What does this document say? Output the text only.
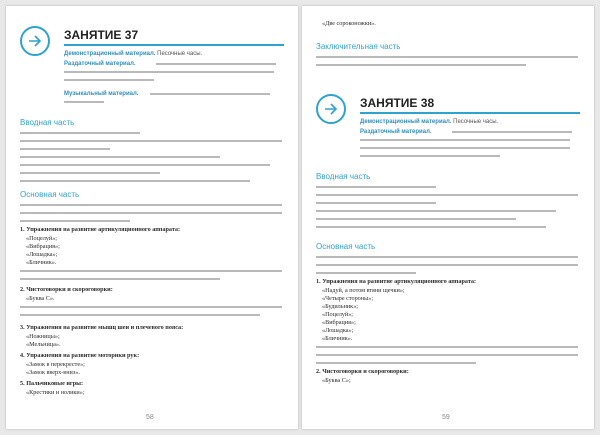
ЗАНЯТИЕ 37
Демонстрационный материал. Песочные часы.
Раздаточный материал.
Музыкальный материал.
Вводная часть
Основная часть
1. Упражнения на развитие артикуляционного аппарата:
«Поцелуй»;
«Вибрация»;
«Лошадка»;
«Бличник».
2. Чистоговорки и скороговорки:
«Буква С».
3. Упражнения на развитие мышц шеи и плечевого пояса:
«Ножницы»;
«Мельница».
4. Упражнения на развитие моторики рук:
«Замок в перекресте»;
«Замок вверх-вниз».
5. Пальчиковые игры:
«Крестики и нолики»;
58
«Две сороконожки».
Заключительная часть
ЗАНЯТИЕ 38
Демонстрационный материал. Песочные часы.
Раздаточный материал.
Вводная часть
Основная часть
1. Упражнения на развитие артикуляционного аппарата:
«Надуй, а потом втяни щечки»;
«Четыре стороны»;
«Будильник»;
«Поцелуй»;
«Вибрация»;
«Лошадка»;
«Бличник».
2. Чистоговорки и скороговорки:
«Буква С»;
59
